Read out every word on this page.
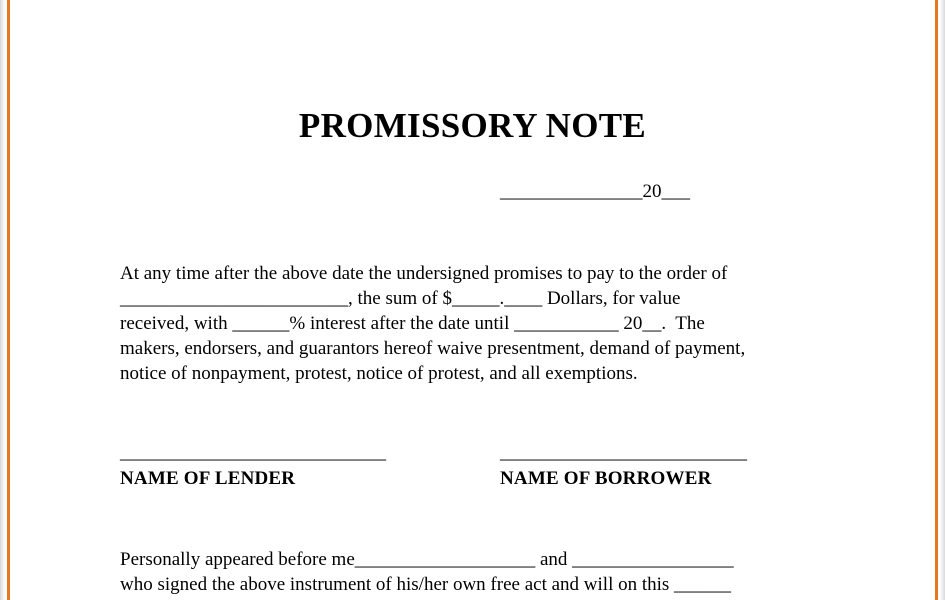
PROMISSORY NOTE
_______________20___
At any time after the above date the undersigned promises to pay to the order of
________________________, the sum of $_____.____ Dollars, for value
received, with ______% interest after the date until ___________ 20__.  The
makers, endorsers, and guarantors hereof waive presentment, demand of payment,
notice of nonpayment, protest, notice of protest, and all exemptions.
____________________________
NAME OF LENDER
__________________________
NAME OF BORROWER
Personally appeared before me___________________ and _________________
who signed the above instrument of his/her own free act and will on this ______
